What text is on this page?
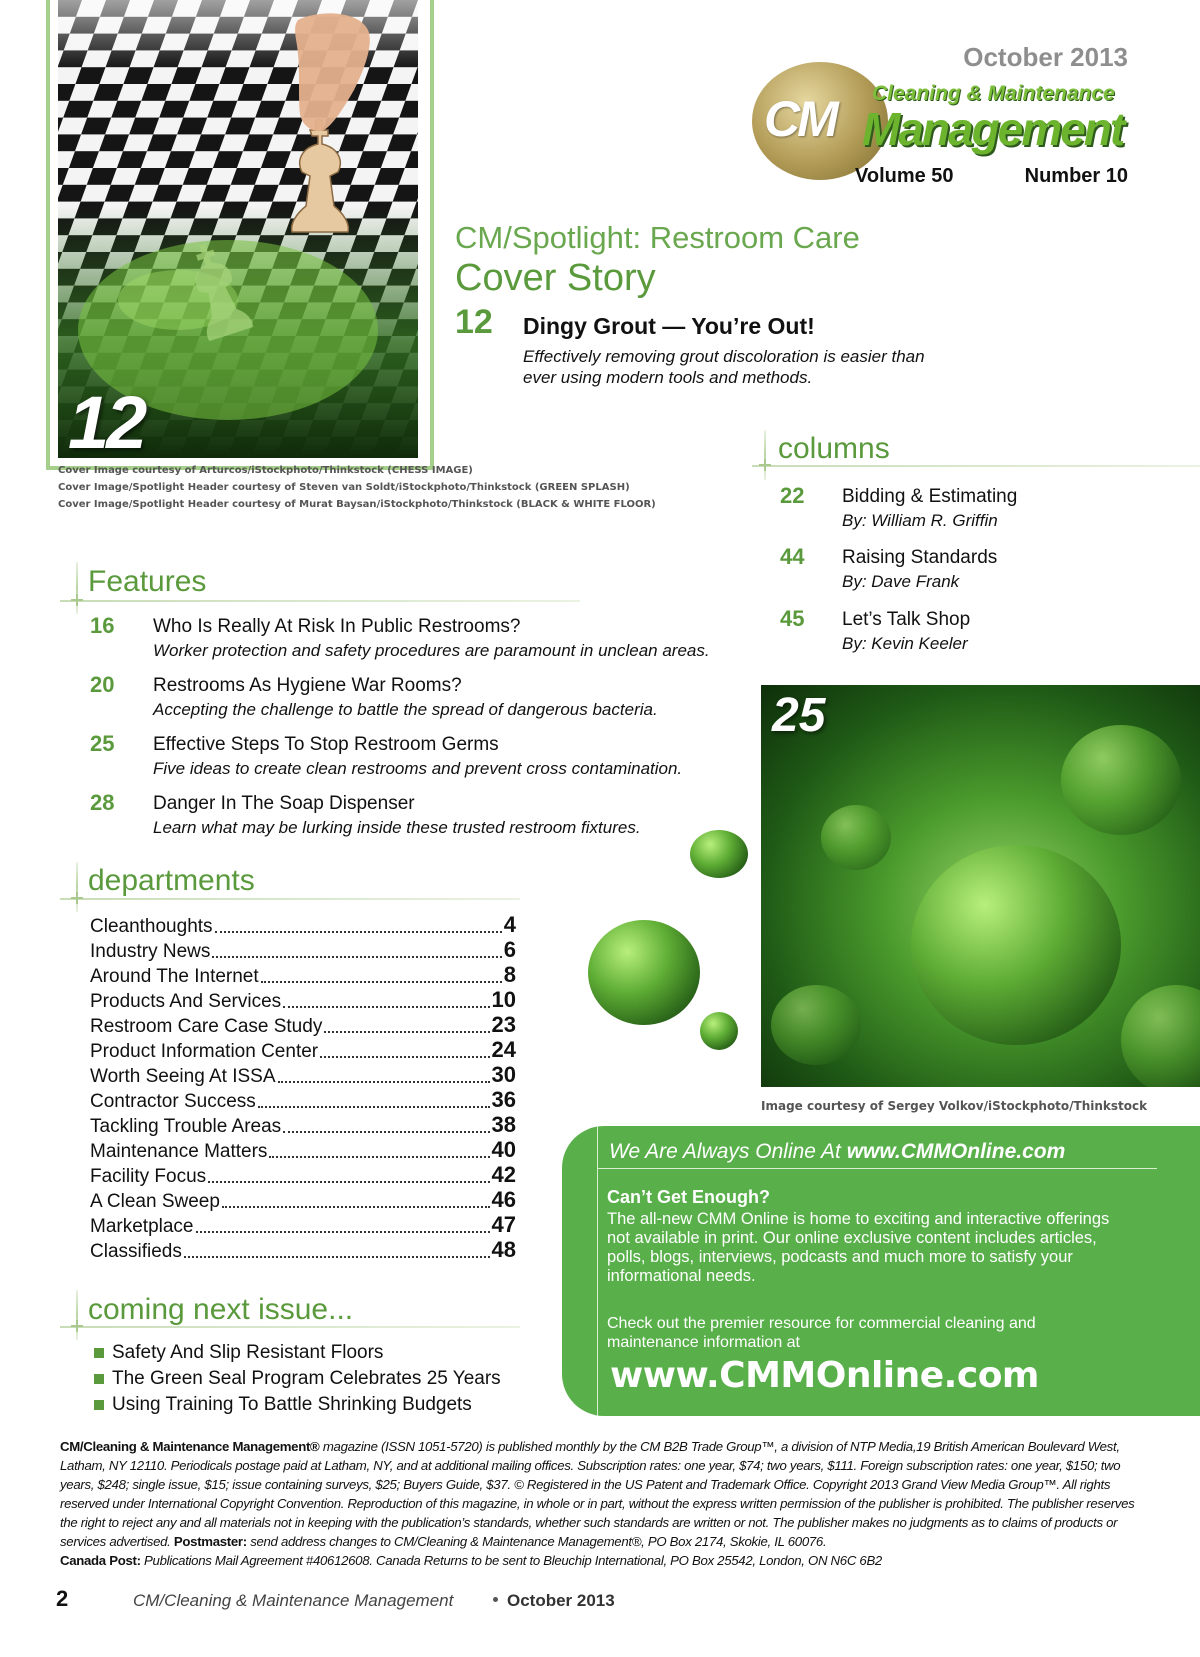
12
Cover Image courtesy of Arturcos/iStockphoto/Thinkstock (CHESS IMAGE)
Cover Image/Spotlight Header courtesy of Steven van Soldt/iStockphoto/Thinkstock (GREEN SPLASH)
Cover Image/Spotlight Header courtesy of Murat Baysan/iStockphoto/Thinkstock (BLACK & WHITE FLOOR)
October 2013
CM Cleaning & Maintenance
Management
Volume 50	Number 10
CM/Spotlight: Restroom Care
Cover Story
12 Dingy Grout — You’re Out!
Effectively removing grout discoloration is easier than ever using modern tools and methods.
columns
22 Bidding & Estimating
By: William R. Griffin
44 Raising Standards
By: Dave Frank
45 Let’s Talk Shop
By: Kevin Keeler
Features
16 Who Is Really At Risk In Public Restrooms?
Worker protection and safety procedures are paramount in unclean areas.
20 Restrooms As Hygiene War Rooms?
Accepting the challenge to battle the spread of dangerous bacteria.
25 Effective Steps To Stop Restroom Germs
Five ideas to create clean restrooms and prevent cross contamination.
28 Danger In The Soap Dispenser
Learn what may be lurking inside these trusted restroom fixtures.
departments
Cleanthoughts	4
Industry News	6
Around The Internet	8
Products And Services	10
Restroom Care Case Study	23
Product Information Center	24
Worth Seeing At ISSA	30
Contractor Success	36
Tackling Trouble Areas	38
Maintenance Matters	40
Facility Focus	42
A Clean Sweep	46
Marketplace	47
Classifieds	48
coming next issue...
Safety And Slip Resistant Floors
The Green Seal Program Celebrates 25 Years
Using Training To Battle Shrinking Budgets
25
Image courtesy of Sergey Volkov/iStockphoto/Thinkstock
We Are Always Online At www.CMMOnline.com
Can’t Get Enough?
The all-new CMM Online is home to exciting and interactive offerings not available in print. Our online exclusive content includes articles, polls, blogs, interviews, podcasts and much more to satisfy your informational needs.
Check out the premier resource for commercial cleaning and maintenance information at
www.CMMOnline.com
CM/Cleaning & Maintenance Management® magazine (ISSN 1051-5720) is published monthly by the CM B2B Trade Group™, a division of NTP Media,19 British American Boulevard West, Latham, NY 12110. Periodicals postage paid at Latham, NY, and at additional mailing offices. Subscription rates: one year, $74; two years, $111. Foreign subscription rates: one year, $150; two years, $248; single issue, $15; issue containing surveys, $25; Buyers Guide, $37. © Registered in the US Patent and Trademark Office. Copyright 2013 Grand View Media Group™. All rights reserved under International Copyright Convention. Reproduction of this magazine, in whole or in part, without the express written permission of the publisher is prohibited. The publisher reserves the right to reject any and all materials not in keeping with the publication’s standards, whether such standards are written or not. The publisher makes no judgments as to claims of products or services advertised. Postmaster: send address changes to CM/Cleaning & Maintenance Management®, PO Box 2174, Skokie, IL 60076.
Canada Post: Publications Mail Agreement #40612608. Canada Returns to be sent to Bleuchip International, PO Box 25542, London, ON N6C 6B2
2	CM/Cleaning & Maintenance Management	October 2013
